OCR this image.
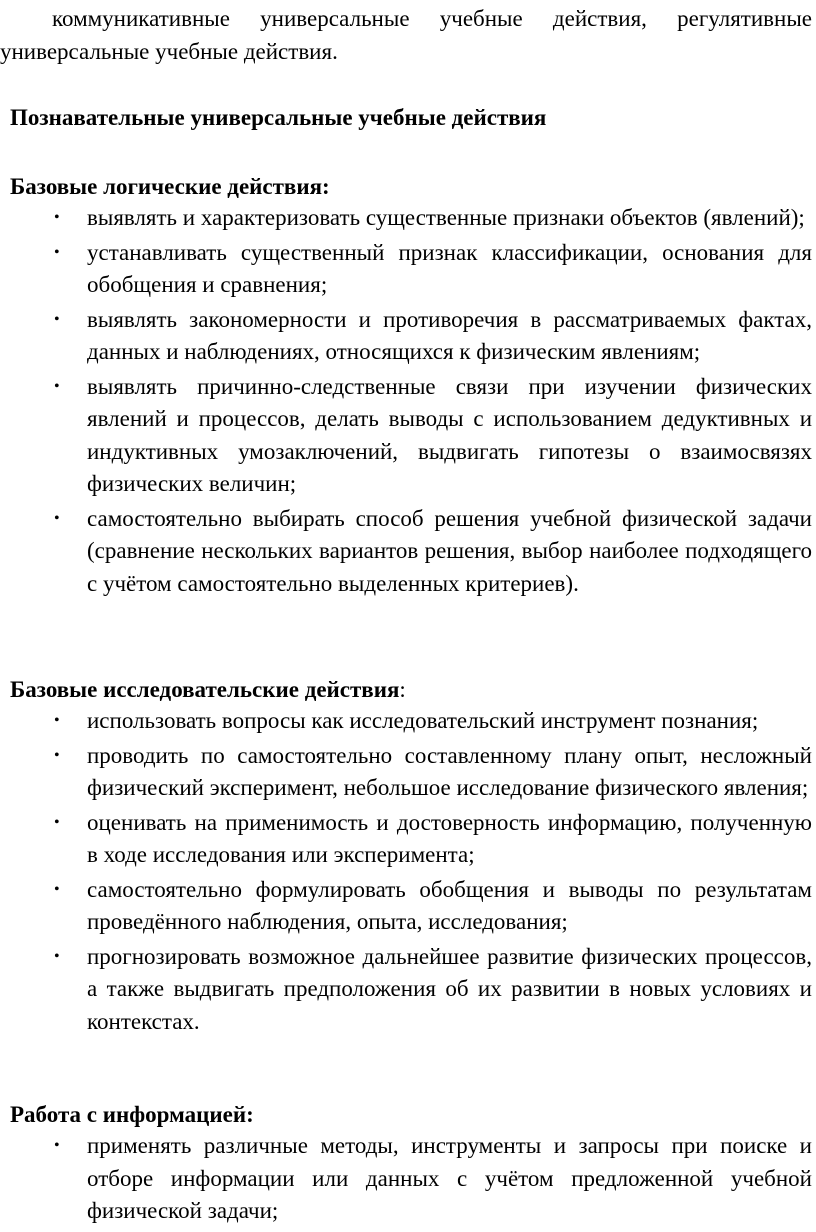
коммуникативные универсальные учебные действия, регулятивные универсальные учебные действия.

Познавательные универсальные учебные действия
Базовые логические действия:
• выявлять и характеризовать существенные признаки объектов (явлений);
• устанавливать существенный признак классификации, основания для обобщения и сравнения;
• выявлять закономерности и противоречия в рассматриваемых фактах, данных и наблюдениях, относящихся к физическим явлениям;
• выявлять причинно-следственные связи при изучении физических явлений и процессов, делать выводы с использованием дедуктивных и индуктивных умозаключений, выдвигать гипотезы о взаимосвязях физических величин;
• самостоятельно выбирать способ решения учебной физической задачи (сравнение нескольких вариантов решения, выбор наиболее подходящего с учётом самостоятельно выделенных критериев).
Базовые исследовательские действия:
• использовать вопросы как исследовательский инструмент познания;
• проводить по самостоятельно составленному плану опыт, несложный физический эксперимент, небольшое исследование физического явления;
• оценивать на применимость и достоверность информацию, полученную в ходе исследования или эксперимента;
• самостоятельно формулировать обобщения и выводы по результатам проведённого наблюдения, опыта, исследования;
• прогнозировать возможное дальнейшее развитие физических процессов, а также выдвигать предположения об их развитии в новых условиях и контекстах.
Работа с информацией:
• применять различные методы, инструменты и запросы при поиске и отборе информации или данных с учётом предложенной учебной физической задачи;
